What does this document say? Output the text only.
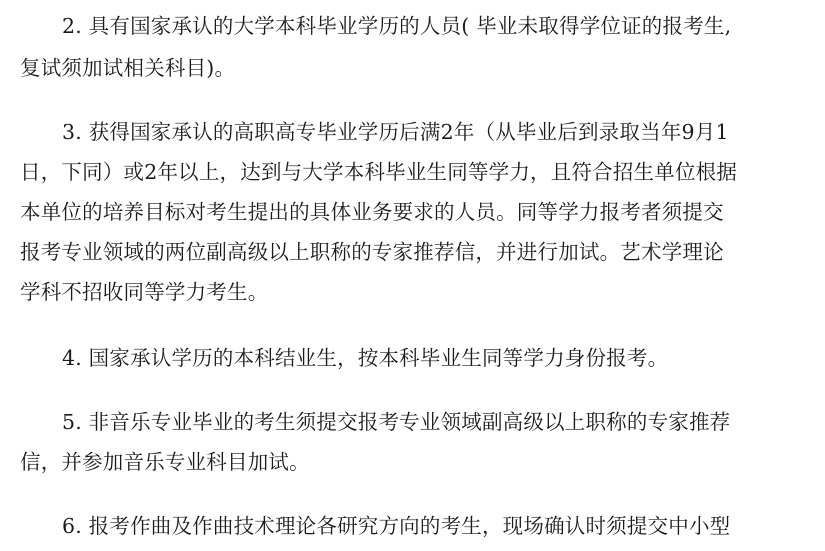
2. 具有国家承认的大学本科毕业学历的人员( 毕业未取得学位证的报考生,
复试须加试相关科目)。
3. 获得国家承认的高职高专毕业学历后满2年（从毕业后到录取当年9月1
日，下同）或2年以上，达到与大学本科毕业生同等学力，且符合招生单位根据
本单位的培养目标对考生提出的具体业务要求的人员。同等学力报考者须提交
报考专业领域的两位副高级以上职称的专家推荐信，并进行加试。艺术学理论
学科不招收同等学力考生。
4. 国家承认学历的本科结业生，按本科毕业生同等学力身份报考。
5. 非音乐专业毕业的考生须提交报考专业领域副高级以上职称的专家推荐
信，并参加音乐专业科目加试。
6. 报考作曲及作曲技术理论各研究方向的考生，现场确认时须提交中小型
